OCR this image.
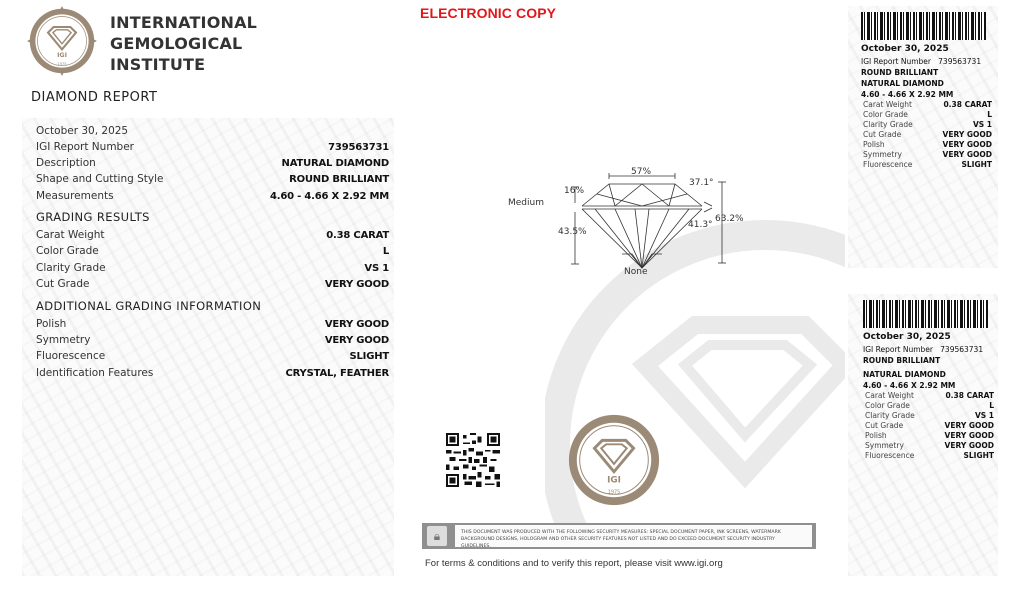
IGI
1975
INTERNATIONAL
GEMOLOGICAL
INSTITUTE
DIAMOND REPORT
ELECTRONIC COPY
October 30, 2025
IGI Report Number	739563731
Description	NATURAL DIAMOND
Shape and Cutting Style	ROUND BRILLIANT
Measurements	4.60 - 4.66 X 2.92 MM
GRADING RESULTS
Carat Weight	0.38 CARAT
Color Grade	L
Clarity Grade	VS 1
Cut Grade	VERY GOOD
ADDITIONAL GRADING INFORMATION
Polish	VERY GOOD
Symmetry	VERY GOOD
Fluorescence	SLIGHT
Identification Features	CRYSTAL, FEATHER
57%
16%
Medium
43.5%
37.1°
41.3°
63.2%
None
IGI
1975
🔒︎	THIS DOCUMENT WAS PRODUCED WITH THE FOLLOWING SECURITY MEASURES: SPECIAL DOCUMENT PAPER, INK SCREENS, WATERMARK BACKGROUND DESIGNS, HOLOGRAM AND OTHER SECURITY FEATURES NOT LISTED AND DO EXCEED DOCUMENT SECURITY INDUSTRY GUIDELINES.
For terms & conditions and to verify this report, please visit www.igi.org
October 30, 2025
IGI Report Number 739563731
ROUND BRILLIANT
NATURAL DIAMOND
4.60 - 4.66 X 2.92 MM
Carat Weight	0.38 CARAT
Color Grade	L
Clarity Grade	VS 1
Cut Grade	VERY GOOD
Polish	VERY GOOD
Symmetry	VERY GOOD
Fluorescence	SLIGHT
October 30, 2025
IGI Report Number 739563731
ROUND BRILLIANT
NATURAL DIAMOND
4.60 - 4.66 X 2.92 MM
Carat Weight	0.38 CARAT
Color Grade	L
Clarity Grade	VS 1
Cut Grade	VERY GOOD
Polish	VERY GOOD
Symmetry	VERY GOOD
Fluorescence	SLIGHT
